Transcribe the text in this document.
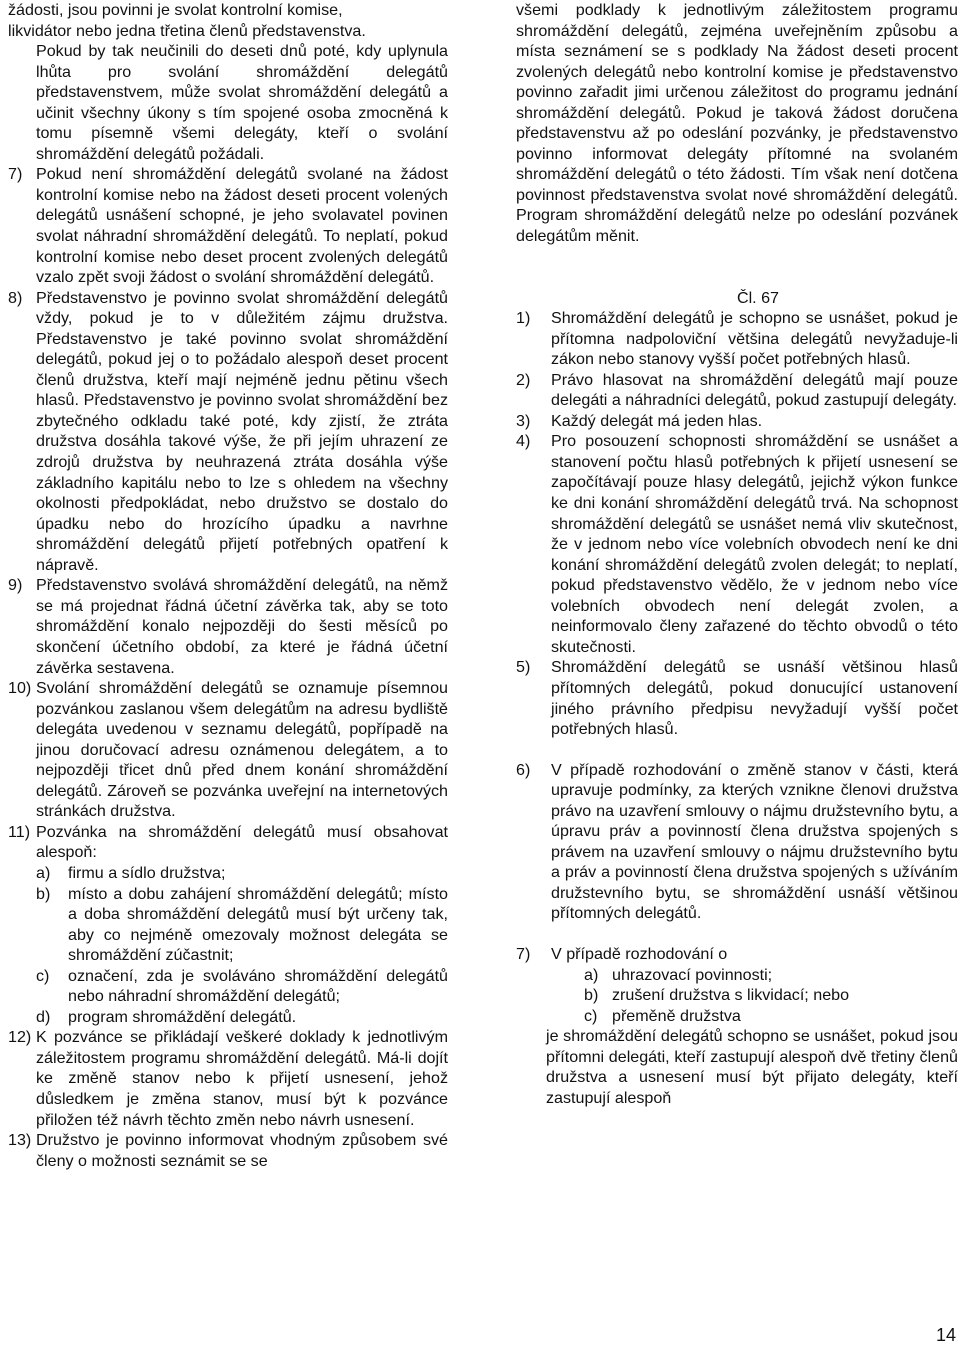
žádosti, jsou povinni je svolat kontrolní komise,

likvidátor nebo jedna třetina členů představenstva.

Pokud by tak neučinili do deseti dnů poté, kdy uplynula lhůta pro svolání shromáždění delegátů představenstvem, může svolat shromáždění delegátů a učinit všechny úkony s tím spojené osoba zmocněná k tomu písemně všemi delegáty, kteří o svolání shromáždění delegátů požádali.

7) Pokud není shromáždění delegátů svolané na žádost kontrolní komise nebo na žádost deseti procent volených delegátů usnášení schopné, je jeho svolavatel povinen svolat náhradní shromáždění delegátů. To neplatí, pokud kontrolní komise nebo deset procent zvolených delegátů vzalo zpět svoji žádost o svolání shromáždění delegátů.
8) Představenstvo je povinno svolat shromáždění delegátů vždy, pokud je to v důležitém zájmu družstva. Představenstvo je také povinno svolat shromáždění delegátů, pokud jej o to požádalo alespoň deset procent členů družstva, kteří mají nejméně jednu pětinu všech hlasů. Představenstvo je povinno svolat shromáždění bez zbytečného odkladu také poté, kdy zjistí, že ztráta družstva dosáhla takové výše, že při jejím uhrazení ze zdrojů družstva by neuhrazená ztráta dosáhla výše základního kapitálu nebo to lze s ohledem na všechny okolnosti předpokládat, nebo družstvo se dostalo do úpadku nebo do hrozícího úpadku a navrhne shromáždění delegátů přijetí potřebných opatření k nápravě.
9) Představenstvo svolává shromáždění delegátů, na němž se má projednat řádná účetní závěrka tak, aby se toto shromáždění konalo nejpozději do šesti měsíců po skončení účetního období, za které je řádná účetní závěrka sestavena.
10) Svolání shromáždění delegátů se oznamuje písemnou pozvánkou zaslanou všem delegátům na adresu bydliště delegáta uvedenou v seznamu delegátů, popřípadě na jinou doručovací adresu oznámenou delegátem, a to nejpozději třicet dnů před dnem konání shromáždění delegátů. Zároveň se pozvánka uveřejní na internetových stránkách družstva.
11) Pozvánka na shromáždění delegátů musí obsahovat alespoň:
a) firmu a sídlo družstva;
b) místo a dobu zahájení shromáždění delegátů; místo a doba shromáždění delegátů musí být určeny tak, aby co nejméně omezovaly možnost delegáta se shromáždění zúčastnit;
c) označení, zda je svoláváno shromáždění delegátů nebo náhradní shromáždění delegátů;
d) program shromáždění delegátů.
12) K pozvánce se přikládají veškeré doklady k jednotlivým záležitostem programu shromáždění delegátů. Má-li dojít ke změně stanov nebo k přijetí usnesení, jehož důsledkem je změna stanov, musí být k pozvánce přiložen též návrh těchto změn nebo návrh usnesení.
13) Družstvo je povinno informovat vhodným způsobem své členy o možnosti seznámit se se

všemi podklady k jednotlivým záležitostem programu shromáždění delegátů, zejména uveřejněním způsobu a místa seznámení se s podklady Na žádost deseti procent zvolených delegátů nebo kontrolní komise je představenstvo povinno zařadit jimi určenou záležitost do programu jednání shromáždění delegátů. Pokud je taková žádost doručena představenstvu až po odeslání pozvánky, je představenstvo povinno informovat delegáty přítomné na svolaném shromáždění delegátů o této žádosti. Tím však není dotčena povinnost představenstva svolat nové shromáždění delegátů. Program shromáždění delegátů nelze po odeslání pozvánek delegátům měnit.

Čl. 67

1) Shromáždění delegátů je schopno se usnášet, pokud je přítomna nadpoloviční většina delegátů nevyžaduje-li zákon nebo stanovy vyšší počet potřebných hlasů.
2) Právo hlasovat na shromáždění delegátů mají pouze delegáti a náhradníci delegátů, pokud zastupují delegáty.
3) Každý delegát má jeden hlas.
4) Pro posouzení schopnosti shromáždění se usnášet a stanovení počtu hlasů potřebných k přijetí usnesení se započítávají pouze hlasy delegátů, jejichž výkon funkce ke dni konání shromáždění delegátů trvá. Na schopnost shromáždění delegátů se usnášet nemá vliv skutečnost, že v jednom nebo více volebních obvodech není ke dni konání shromáždění delegátů zvolen delegát; to neplatí, pokud představenstvo vědělo, že v jednom nebo více volebních obvodech není delegát zvolen, a neinformovalo členy zařazené do těchto obvodů o této skutečnosti.
5) Shromáždění delegátů se usnáší většinou hlasů přítomných delegátů, pokud donucující ustanovení jiného právního předpisu nevyžadují vyšší počet potřebných hlasů.
6) V případě rozhodování o změně stanov v části, která upravuje podmínky, za kterých vznikne členovi družstva právo na uzavření smlouvy o nájmu družstevního bytu, a úpravu práv a povinností člena družstva spojených s právem na uzavření smlouvy o nájmu družstevního bytu a práv a povinností člena družstva spojených s užíváním družstevního bytu, se shromáždění usnáší většinou přítomných delegátů.
7) V případě rozhodování o
a) uhrazovací povinnosti;
b) zrušení družstva s likvidací; nebo
c) přeměně družstva

je shromáždění delegátů schopno se usnášet, pokud jsou přítomni delegáti, kteří zastupují alespoň dvě třetiny členů družstva a usnesení musí být přijato delegáty, kteří zastupují alespoň

14
